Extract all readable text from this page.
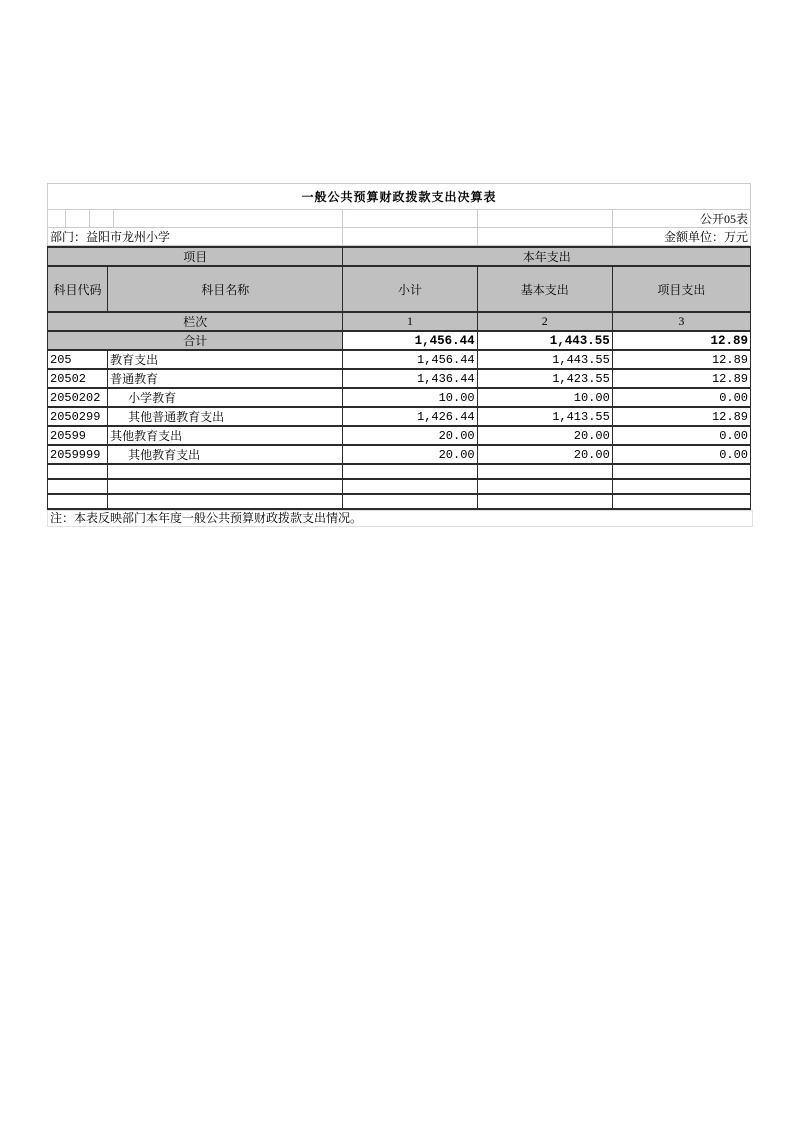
一般公共预算财政拨款支出决算表						
						公开05表
部门：益阳市龙州小学						金额单位：万元
项目		本年支出		
科目代码	科目名称	小计	基本支出	项目支出
栏次		1	2	3
合计		1,456.44	1,443.55	12.89
205	教育支出	1,456.44	1,443.55	12.89
20502	普通教育	1,436.44	1,423.55	12.89
2050202	小学教育	10.00	10.00	0.00
2050299	其他普通教育支出	1,426.44	1,413.55	12.89
20599	其他教育支出	20.00	20.00	0.00
2059999	其他教育支出	20.00	20.00	0.00

注：本表反映部门本年度一般公共预算财政拨款支出情况。
